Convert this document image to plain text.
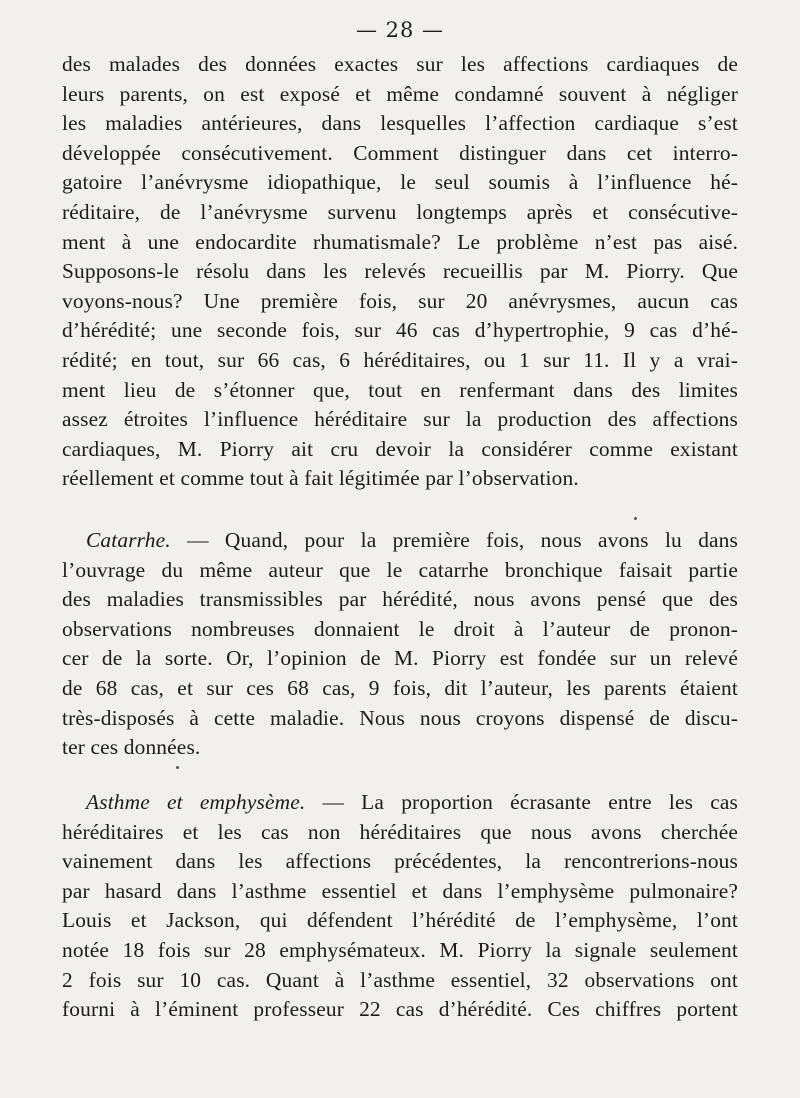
— 28 —
des malades des données exactes sur les affections cardiaques de
leurs parents, on est exposé et même condamné souvent à négliger
les maladies antérieures, dans lesquelles l’affection cardiaque s’est
développée consécutivement. Comment distinguer dans cet interro-
gatoire l’anévrysme idiopathique, le seul soumis à l’influence hé-
réditaire, de l’anévrysme survenu longtemps après et consécutive-
ment à une endocardite rhumatismale? Le problème n’est pas aisé.
Supposons-le résolu dans les relevés recueillis par M. Piorry. Que
voyons-nous? Une première fois, sur 20 anévrysmes, aucun cas
d’hérédité; une seconde fois, sur 46 cas d’hypertrophie, 9 cas d’hé-
rédité; en tout, sur 66 cas, 6 héréditaires, ou 1 sur 11. Il y a vrai-
ment lieu de s’étonner que, tout en renfermant dans des limites
assez étroites l’influence héréditaire sur la production des affections
cardiaques, M. Piorry ait cru devoir la considérer comme existant
réellement et comme tout à fait légitimée par l’observation.
Catarrhe. — Quand, pour la première fois, nous avons lu dans
l’ouvrage du même auteur que le catarrhe bronchique faisait partie
des maladies transmissibles par hérédité, nous avons pensé que des
observations nombreuses donnaient le droit à l’auteur de pronon-
cer de la sorte. Or, l’opinion de M. Piorry est fondée sur un relevé
de 68 cas, et sur ces 68 cas, 9 fois, dit l’auteur, les parents étaient
très-disposés à cette maladie. Nous nous croyons dispensé de discu-
ter ces données.
Asthme et emphysème. — La proportion écrasante entre les cas
héréditaires et les cas non héréditaires que nous avons cherchée
vainement dans les affections précédentes, la rencontrerions-nous
par hasard dans l’asthme essentiel et dans l’emphysème pulmonaire?
Louis et Jackson, qui défendent l’hérédité de l’emphysème, l’ont
notée 18 fois sur 28 emphysémateux. M. Piorry la signale seulement
2 fois sur 10 cas. Quant à l’asthme essentiel, 32 observations ont
fourni à l’éminent professeur 22 cas d’hérédité. Ces chiffres portent
